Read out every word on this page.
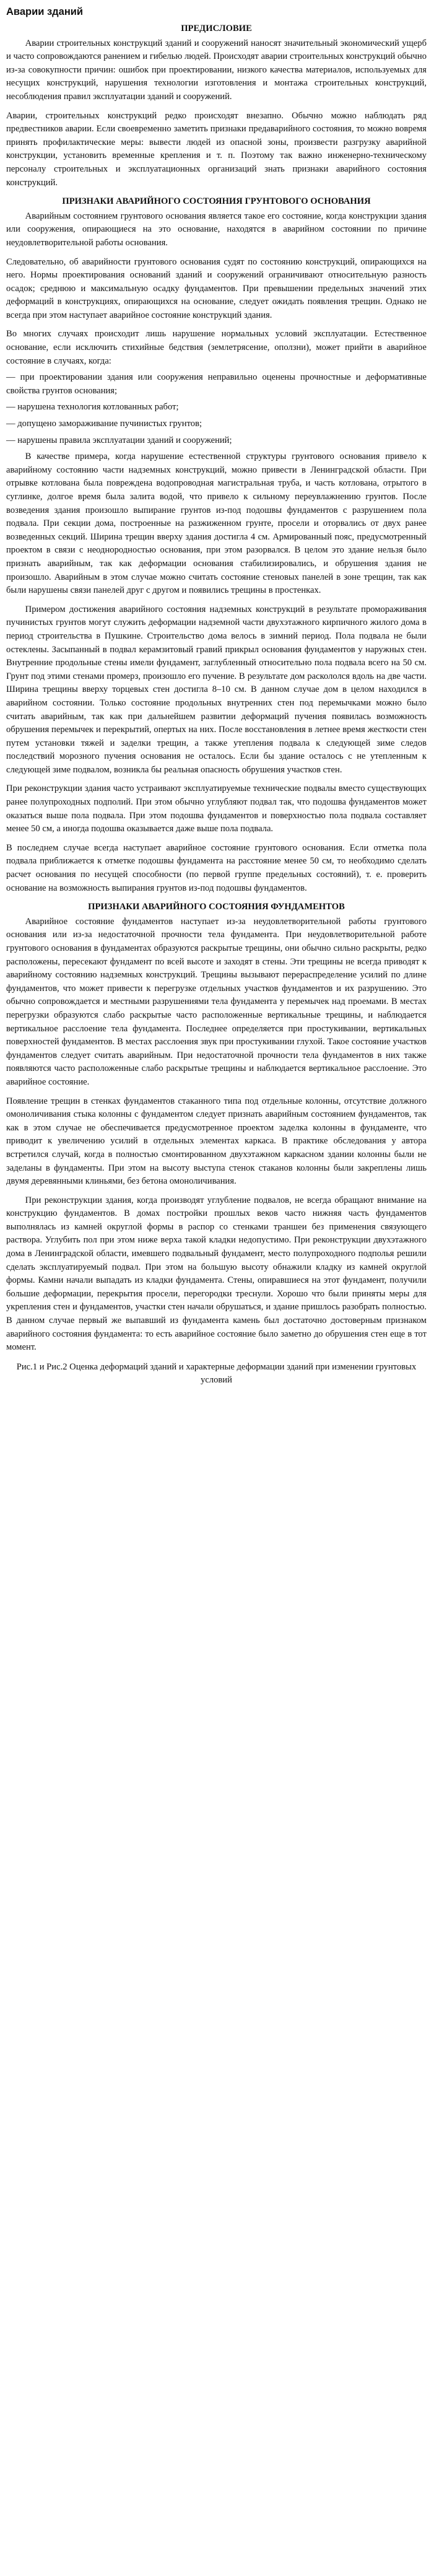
Аварии зданий
ПРЕДИСЛОВИЕ

Аварии строительных конструкций зданий и сооружений наносят значительный экономический ущерб и часто сопровождаются ранением и гибелью людей. Происходят аварии строительных конструкций обычно из-за совокупности причин: ошибок при проектировании, низкого качества материалов, используемых для несущих конструкций, нарушения технологии изготовления и монтажа строительных конструкций, несоблюдения правил эксплуатации зданий и сооружений.

Аварии, строительных конструкций редко происходят внезапно. Обычно можно наблюдать ряд предвестников аварии. Если своевременно заметить признаки предаварийного состояния, то можно вовремя принять профилактические меры: вывести людей из опасной зоны, произвести разгрузку аварийной конструкции, установить временные крепления и т. п. Поэтому так важно инженерно-техническому персоналу строительных и эксплуатационных организаций знать признаки аварийного состояния конструкций.

ПРИЗНАКИ АВАРИЙНОГО СОСТОЯНИЯ ГРУНТОВОГО ОСНОВАНИЯ

Аварийным состоянием грунтового основания является такое его состояние, когда конструкции здания или сооружения, опирающиеся на это основание, находятся в аварийном состоянии по причине неудовлетворительной работы основания.

Следовательно, об аварийности грунтового основания судят по состоянию конструкций, опирающихся на него. Нормы проектирования оснований зданий и сооружений ограничивают относительную разность осадок; среднюю и максимальную осадку фундаментов. При превышении предельных значений этих деформаций в конструкциях, опирающихся на основание, следует ожидать появления трещин. Однако не всегда при этом наступает аварийное состояние конструкций здания.

Во многих случаях происходит лишь нарушение нормальных условий эксплуатации. Естественное основание, если исключить стихийные бедствия (землетрясение, оползни), может прийти в аварийное состояние в случаях, когда:

— при проектировании здания или сооружения неправильно оценены прочностные и деформативные свойства грунтов основания;
— нарушена технология котлованных работ;
— допущено замораживание пучинистых грунтов;
— нарушены правила эксплуатации зданий и сооружений;

В качестве примера, когда нарушение естественной структуры грунтового основания привело к аварийному состоянию части надземных конструкций, можно привести в Ленинградской области. При отрывке котлована была повреждена водопроводная магистральная труба, и часть котлована, отрытого в суглинке, долгое время была залита водой, что привело к сильному переувлажнению грунтов. После возведения здания произошло выпирание грунтов из-под подошвы фундаментов с разрушением пола подвала. При секции дома, построенные на разжиженном грунте, просели и оторвались от двух ранее возведенных секций. Ширина трещин вверху здания достигла 4 см. Армированный пояс, предусмотренный проектом в связи с неоднородностью основания, при этом разорвался. В целом это здание нельзя было признать аварийным, так как деформации основания стабилизировались, и обрушения здания не произошло. Аварийным в этом случае можно считать состояние стеновых панелей в зоне трещин, так как были нарушены связи панелей друг с другом и появились трещины в простенках.

Примером достижения аварийного состояния надземных конструкций в результате промораживания пучинистых грунтов могут служить деформации надземной части двухэтажного кирпичного жилого дома в период строительства в Пушкине. Строительство дома велось в зимний период. Пола подвала не были остеклены. Засыпанный в подвал керамзитовый гравий прикрыл основания фундаментов у наружных стен. Внутренние продольные стены имели фундамент, заглубленный относительно пола подвала всего на 50 см. Грунт под этими стенами промерз, произошло его пучение. В результате дом раскололся вдоль на две части. Ширина трещины вверху торцевых стен достигла 8–10 см. В данном случае дом в целом находился в аварийном состоянии. Только состояние продольных внутренних стен под перемычками можно было считать аварийным, так как при дальнейшем развитии деформаций пучения появилась возможность обрушения перемычек и перекрытий, опертых на них. После восстановления в летнее время жесткости стен путем установки тяжей и заделки трещин, а также утепления подвала к следующей зиме следов последствий морозного пучения основания не осталось. Если бы здание осталось с не утепленным к следующей зиме подвалом, возникла бы реальная опасность обрушения участков стен.

При реконструкции здания часто устраивают эксплуатируемые технические подвалы вместо существующих ранее полупроходных подполий. При этом обычно углубляют подвал так, что подошва фундаментов может оказаться выше пола подвала. При этом подошва фундаментов и поверхностью пола подвала составляет менее 50 см, а иногда подошва оказывается даже выше пола подвала.

В последнем случае всегда наступает аварийное состояние грунтового основания. Если отметка пола подвала приближается к отметке подошвы фундамента на расстояние менее 50 см, то необходимо сделать расчет основания по несущей способности (по первой группе предельных состояний), т. е. проверить основание на возможность выпирания грунтов из-под подошвы фундаментов.

ПРИЗНАКИ АВАРИЙНОГО СОСТОЯНИЯ ФУНДАМЕНТОВ

Аварийное состояние фундаментов наступает из-за неудовлетворительной работы грунтового основания или из-за недостаточной прочности тела фундамента. При неудовлетворительной работе грунтового основания в фундаментах образуются раскрытые трещины, они обычно сильно раскрыты, редко расположены, пересекают фундамент по всей высоте и заходят в стены. Эти трещины не всегда приводят к аварийному состоянию надземных конструкций. Трещины вызывают перераспределение усилий по длине фундаментов, что может привести к перегрузке отдельных участков фундаментов и их разрушению. Это обычно сопровождается и местными разрушениями тела фундамента у перемычек над проемами. В местах перегрузки образуются слабо раскрытые часто расположенные вертикальные трещины, и наблюдается вертикальное расслоение тела фундамента. Последнее определяется при простукивании, вертикальных поверхностей фундаментов. В местах расслоения звук при простукивании глухой. Такое состояние участков фундаментов следует считать аварийным. При недостаточной прочности тела фундаментов в них также появляются часто расположенные слабо раскрытые трещины и наблюдается вертикальное расслоение. Это аварийное состояние.

Появление трещин в стенках фундаментов стаканного типа под отдельные колонны, отсутствие должного омоноличивания стыка колонны с фундаментом следует признать аварийным состоянием фундаментов, так как в этом случае не обеспечивается предусмотренное проектом заделка колонны в фундаменте, что приводит к увеличению усилий в отдельных элементах каркаса. В практике обследования у автора встретился случай, когда в полностью смонтированном двухэтажном каркасном здании колонны были не заделаны в фундаменты. При этом на высоту выступа стенок стаканов колонны были закреплены лишь двумя деревянными клиньями, без бетона омоноличивания.

При реконструкции здания, когда производят углубление подвалов, не всегда обращают внимание на конструкцию фундаментов. В домах постройки прошлых веков часто нижняя часть фундаментов выполнялась из камней округлой формы в распор со стенками траншеи без применения связующего раствора. Углубить пол при этом ниже верха такой кладки недопустимо. При реконструкции двухэтажного дома в Ленинградской области, имевшего подвальный фундамент, место полупроходного подполья решили сделать эксплуатируемый подвал. При этом на большую высоту обнажили кладку из камней округлой формы. Камни начали выпадать из кладки фундамента. Стены, опиравшиеся на этот фундамент, получили большие деформации, перекрытия просели, перегородки треснули. Хорошо что были приняты меры для укрепления стен и фундаментов, участки стен начали обрушаться, и здание пришлось разобрать полностью. В данном случае первый же выпавший из фундамента камень был достаточно достоверным признаком аварийного состояния фундамента: то есть аварийное состояние было заметно до обрушения стен еще в тот момент.

Рис.1 и Рис.2 Оценка деформаций зданий и характерные деформации зданий при изменении грунтовых условий
